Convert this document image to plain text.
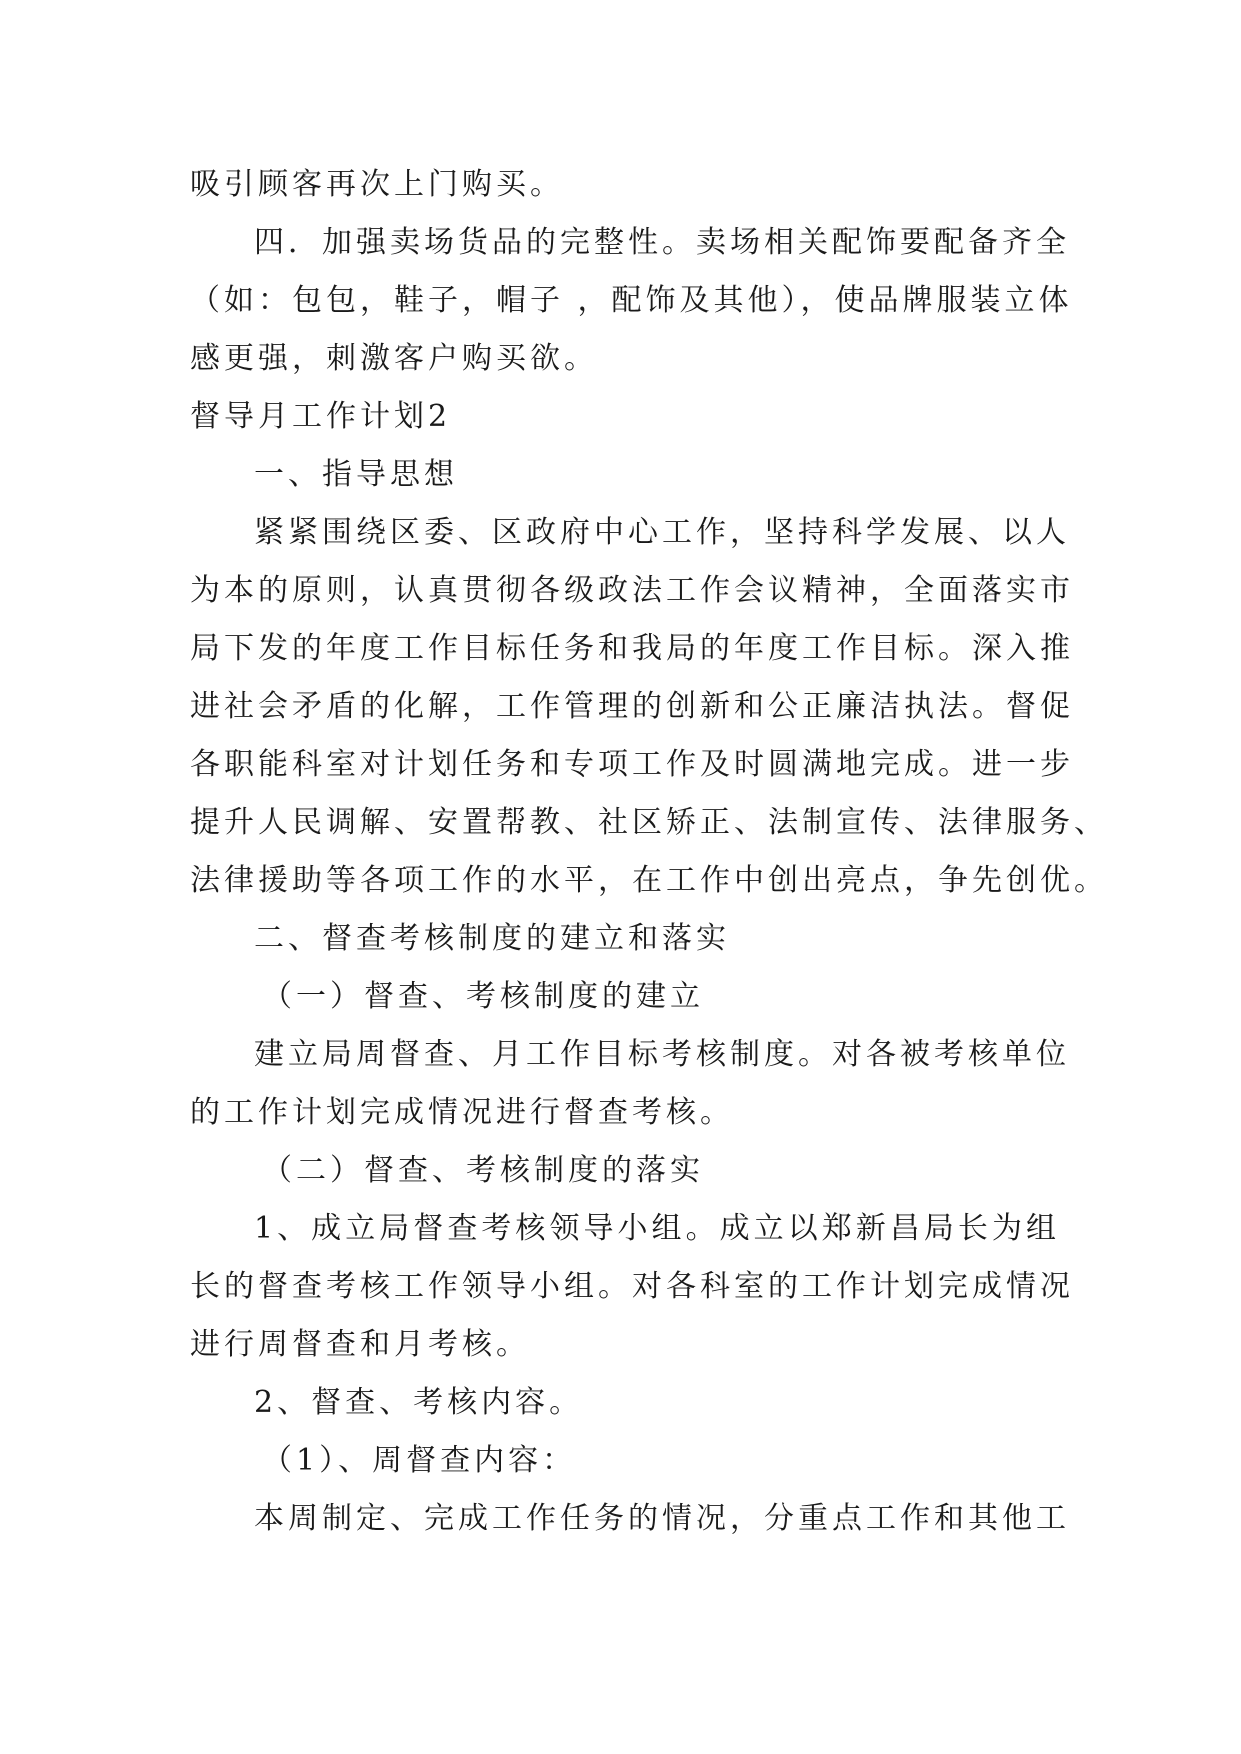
吸引顾客再次上门购买。
四．加强卖场货品的完整性。卖场相关配饰要配备齐全
（如：包包，鞋子，帽子 ，配饰及其他），使品牌服装立体
感更强，刺激客户购买欲。
督导月工作计划2
一、指导思想
紧紧围绕区委、区政府中心工作，坚持科学发展、以人
为本的原则，认真贯彻各级政法工作会议精神，全面落实市
局下发的年度工作目标任务和我局的年度工作目标。深入推
进社会矛盾的化解，工作管理的创新和公正廉洁执法。督促
各职能科室对计划任务和专项工作及时圆满地完成。进一步
提升人民调解、安置帮教、社区矫正、法制宣传、法律服务、
法律援助等各项工作的水平，在工作中创出亮点，争先创优。
二、督查考核制度的建立和落实
（一）督查、考核制度的建立
建立局周督查、月工作目标考核制度。对各被考核单位
的工作计划完成情况进行督查考核。
（二）督查、考核制度的落实
1、成立局督查考核领导小组。成立以郑新昌局长为组
长的督查考核工作领导小组。对各科室的工作计划完成情况
进行周督查和月考核。
2、督查、考核内容。
（1）、周督查内容：
本周制定、完成工作任务的情况，分重点工作和其他工
